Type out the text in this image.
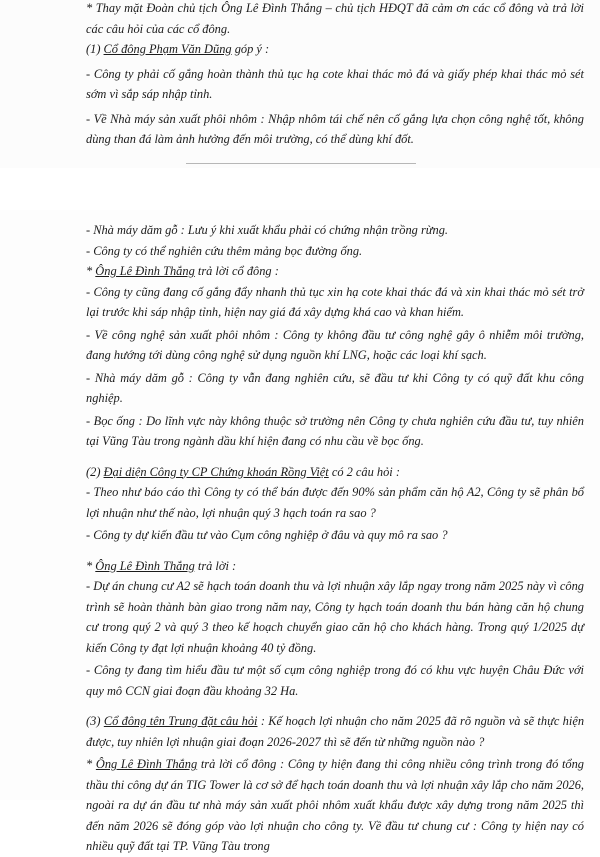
* Thay mặt Đoàn chủ tịch Ông Lê Đình Thắng – chủ tịch HĐQT đã cảm ơn các cổ đông và trả lời các câu hỏi của các cổ đông.

(1) Cổ đông Phạm Văn Dũng góp ý :

- Công ty phải cố gắng hoàn thành thủ tục hạ cote khai thác mỏ đá và giấy phép khai thác mỏ sét sớm vì sắp sáp nhập tỉnh.

- Về Nhà máy sản xuất phôi nhôm : Nhập nhôm tái chế nên cố gắng lựa chọn công nghệ tốt, không dùng than đá làm ảnh hưởng đến môi trường, có thể dùng khí đốt.

- Nhà máy dăm gỗ : Lưu ý khi xuất khẩu phải có chứng nhận trồng rừng.

- Công ty có thể nghiên cứu thêm mảng bọc đường ống.

* Ông Lê Đình Thắng trả lời cổ đông :

- Công ty cũng đang cố gắng đẩy nhanh thủ tục xin hạ cote khai thác đá và xin khai thác mỏ sét trở lại trước khi sáp nhập tỉnh, hiện nay giá đá xây dựng khá cao và khan hiếm.

- Về công nghệ sản xuất phôi nhôm : Công ty không đầu tư công nghệ gây ô nhiễm môi trường, đang hướng tới dùng công nghệ sử dụng nguồn khí LNG, hoặc các loại khí sạch.

- Nhà máy dăm gỗ : Công ty vẫn đang nghiên cứu, sẽ đầu tư khi Công ty có quỹ đất khu công nghiệp.

- Bọc ống : Do lĩnh vực này không thuộc sở trường nên Công ty chưa nghiên cứu đầu tư, tuy nhiên tại Vũng Tàu trong ngành dầu khí hiện đang có nhu cầu về bọc ống.

(2) Đại diện Công ty CP Chứng khoán Rồng Việt có 2 câu hỏi :

- Theo như báo cáo thì Công ty có thể bán được đến 90% sản phẩm căn hộ A2, Công ty sẽ phân bổ lợi nhuận như thế nào, lợi nhuận quý 3 hạch toán ra sao ?

- Công ty dự kiến đầu tư vào Cụm công nghiệp ở đâu và quy mô ra sao ?

* Ông Lê Đình Thắng trả lời :

- Dự án chung cư A2 sẽ hạch toán doanh thu và lợi nhuận xây lắp ngay trong năm 2025 này vì công trình sẽ hoàn thành bàn giao trong năm nay, Công ty hạch toán doanh thu bán hàng căn hộ chung cư trong quý 2 và quý 3 theo kế hoạch chuyển giao căn hộ cho khách hàng. Trong quý 1/2025 dự kiến Công ty đạt lợi nhuận khoảng 40 tỷ đồng.

- Công ty đang tìm hiểu đầu tư một số cụm công nghiệp trong đó có khu vực huyện Châu Đức với quy mô CCN giai đoạn đầu khoảng 32 Ha.

(3) Cổ đông tên Trung đặt câu hỏi : Kế hoạch lợi nhuận cho năm 2025 đã rõ nguồn và sẽ thực hiện được, tuy nhiên lợi nhuận giai đoạn 2026-2027 thì sẽ đến từ những nguồn nào ?

* Ông Lê Đình Thắng trả lời cổ đông : Công ty hiện đang thi công nhiều công trình trong đó tổng thầu thi công dự án TIG Tower là cơ sở để hạch toán doanh thu và lợi nhuận xây lắp cho năm 2026, ngoài ra dự án đầu tư nhà máy sản xuất phôi nhôm xuất khẩu được xây dựng trong năm 2025 thì đến năm 2026 sẽ đóng góp vào lợi nhuận cho công ty. Về đầu tư chung cư : Công ty hiện nay có nhiều quỹ đất tại TP. Vũng Tàu trong
